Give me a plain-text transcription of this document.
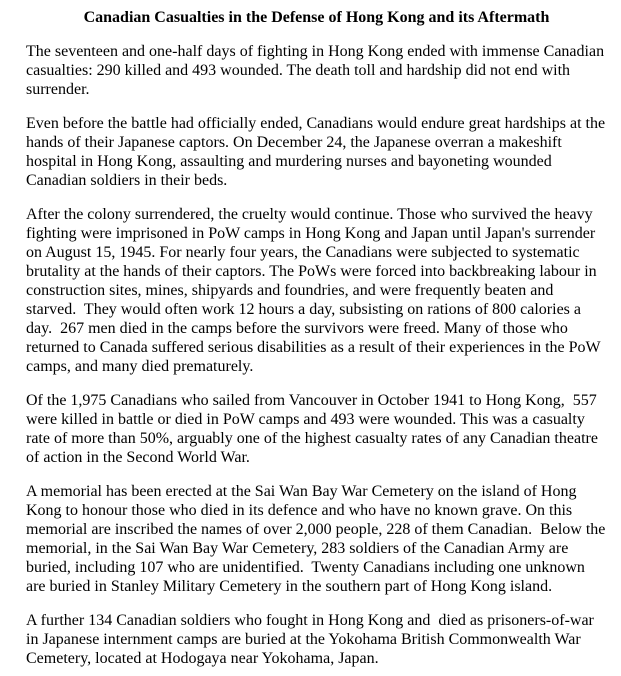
Canadian Casualties in the Defense of Hong Kong and its Aftermath

The seventeen and one-half days of fighting in Hong Kong ended with immense Canadian casualties: 290 killed and 493 wounded. The death toll and hardship did not end with surrender.

Even before the battle had officially ended, Canadians would endure great hardships at the hands of their Japanese captors. On December 24, the Japanese overran a makeshift hospital in Hong Kong, assaulting and murdering nurses and bayoneting wounded Canadian soldiers in their beds.

After the colony surrendered, the cruelty would continue. Those who survived the heavy fighting were imprisoned in PoW camps in Hong Kong and Japan until Japan's surrender on August 15, 1945. For nearly four years, the Canadians were subjected to systematic brutality at the hands of their captors. The PoWs were forced into backbreaking labour in construction sites, mines, shipyards and foundries, and were frequently beaten and starved.  They would often work 12 hours a day, subsisting on rations of 800 calories a day.  267 men died in the camps before the survivors were freed. Many of those who returned to Canada suffered serious disabilities as a result of their experiences in the PoW camps, and many died prematurely.

Of the 1,975 Canadians who sailed from Vancouver in October 1941 to Hong Kong,  557 were killed in battle or died in PoW camps and 493 were wounded. This was a casualty rate of more than 50%, arguably one of the highest casualty rates of any Canadian theatre of action in the Second World War.

A memorial has been erected at the Sai Wan Bay War Cemetery on the island of Hong Kong to honour those who died in its defence and who have no known grave. On this memorial are inscribed the names of over 2,000 people, 228 of them Canadian.  Below the memorial, in the Sai Wan Bay War Cemetery, 283 soldiers of the Canadian Army are buried, including 107 who are unidentified.  Twenty Canadians including one unknown are buried in Stanley Military Cemetery in the southern part of Hong Kong island.

A further 134 Canadian soldiers who fought in Hong Kong and  died as prisoners-of-war in Japanese internment camps are buried at the Yokohama British Commonwealth War Cemetery, located at Hodogaya near Yokohama, Japan.
